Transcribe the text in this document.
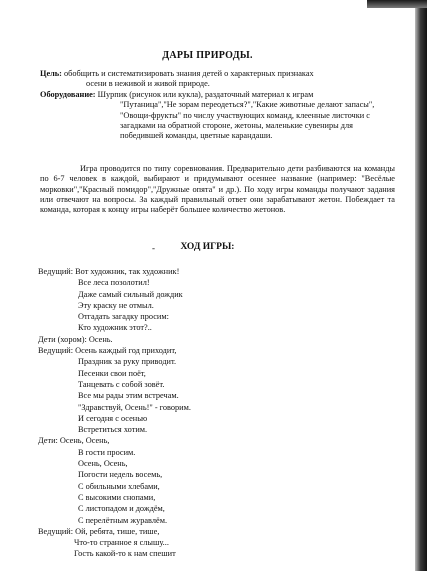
ДАРЫ ПРИРОДЫ.
Цель: обобщить и систематизировать знания детей о характерных признаках
осени в неживой и живой природе.
Оборудование: Шурпик (рисунок или кукла), раздаточный материал к играм
"Путаница","Не зорам переодеться?","Какие животные делают запасы",
"Овощи-фрукты" по числу участвующих команд, клеенные листочки с
загадками на обратной стороне, жетоны, маленькие сувениры для
победившей команды, цветные карандаши.
Игра проводится по типу соревнования. Предварительно дети разбиваются на команды по 6-7 человек в каждой, выбирают и придумывают осеннее название (например: "Весёлые морковки","Красный помидор","Дружные опята" и др.). По ходу игры команды получают задания или отвечают на вопросы. За каждый правильный ответ они зарабатывают жетон. Побеждает та команда, которая к концу игры наберёт большее количество жетонов.
-	ХОД ИГРЫ:
Ведущий: Вот художник, так художник!
Все леса позолотил!
Даже самый сильный дождик
Эту краску не отмыл.
Отгадать загадку просим:
Кто художник этот?..
Дети (хором): Осень.
Ведущий: Осень каждый год приходит,
Праздник за руку приводит.
Песенки свои поёт,
Танцевать с собой зовёт.
Все мы рады этим встречам.
"Здравствуй, Осень!" - говорим.
И сегодня с осенью
Встретиться хотим.
Дети: Осень, Осень,
В гости просим.
Осень, Осень,
Погости недель восемь,
С обильными хлебами,
С высокими снопами,
С листопадом и дождём,
С перелётным журавлём.
Ведущий: Ой, ребята, тише, тише,
Что-то странное я слышу...
Гость какой-то к нам спешит
